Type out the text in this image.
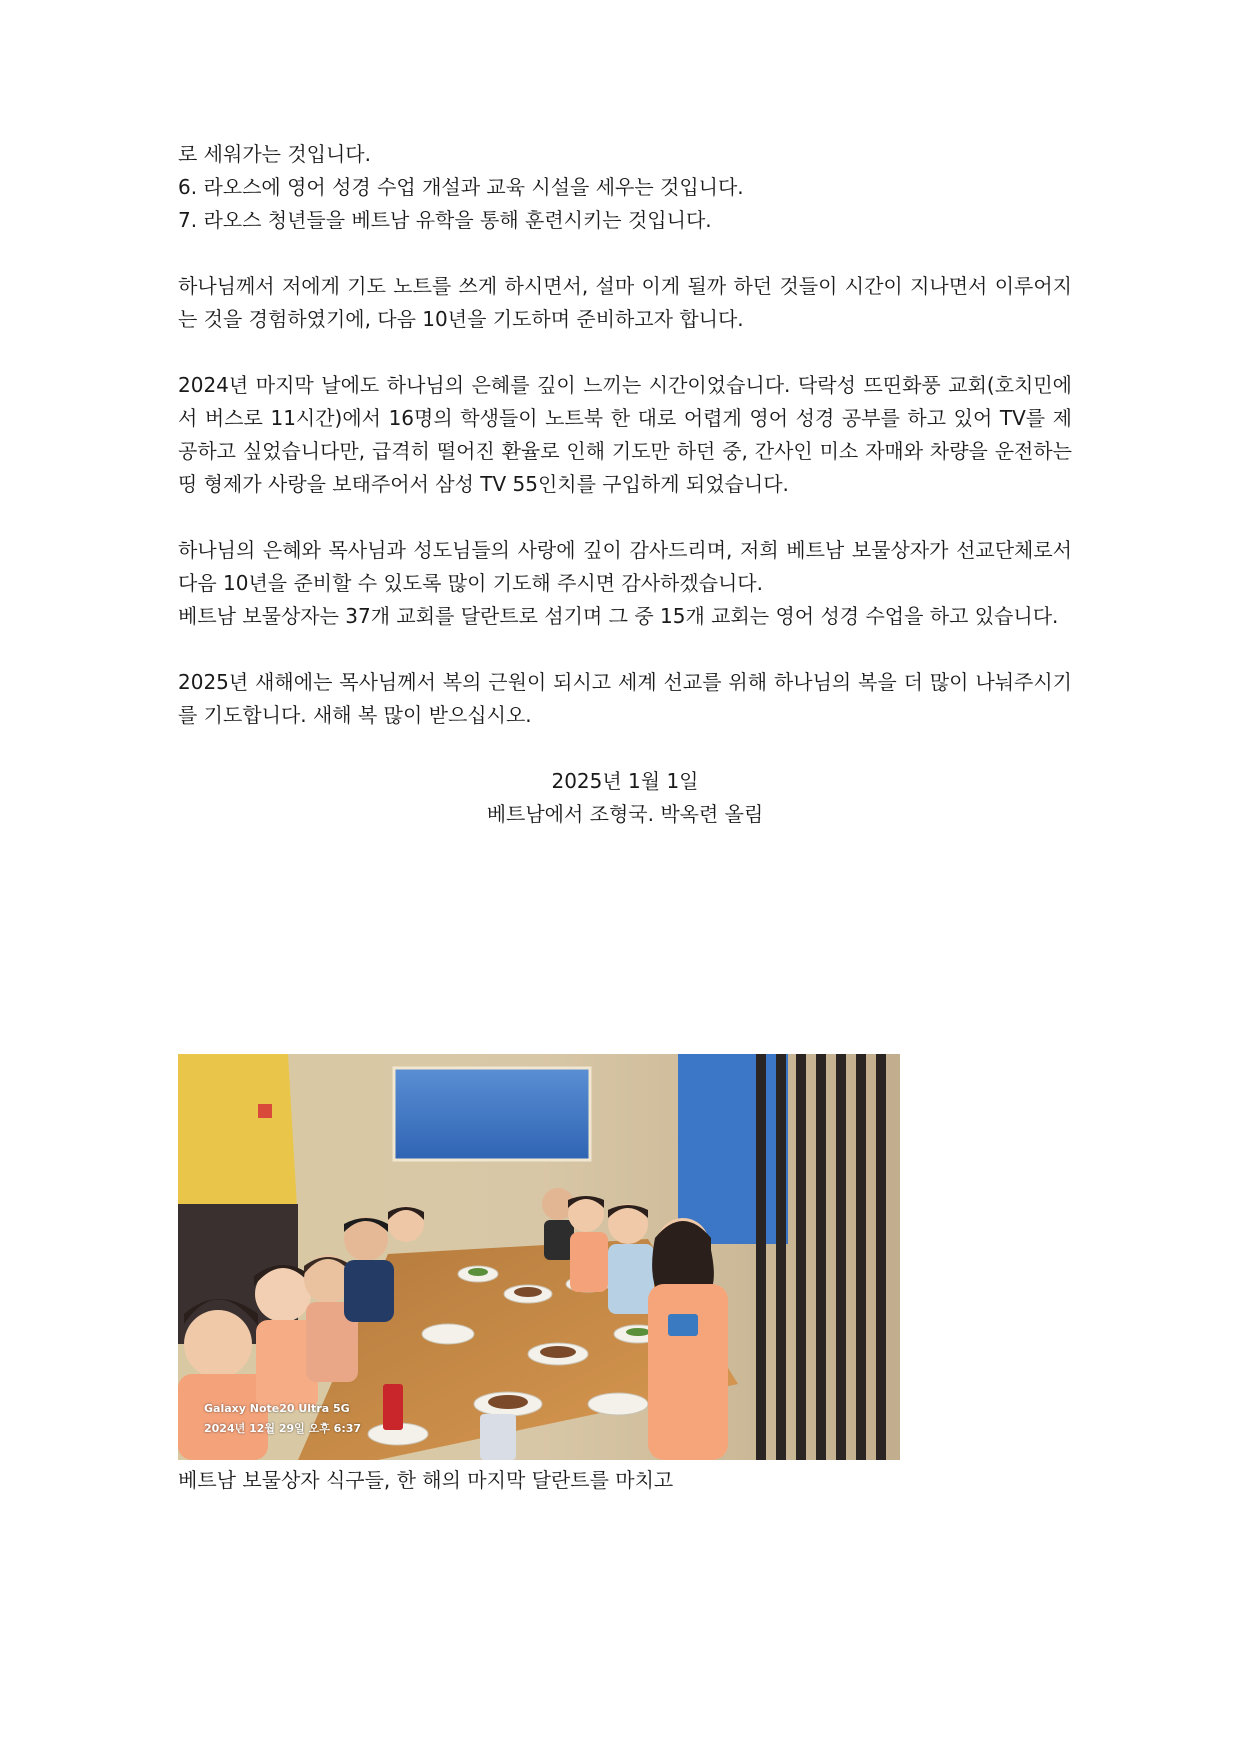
로 세워가는 것입니다.
6. 라오스에 영어 성경 수업 개설과 교육 시설을 세우는 것입니다.
7. 라오스 청년들을 베트남 유학을 통해 훈련시키는 것입니다.

하나님께서 저에게 기도 노트를 쓰게 하시면서, 설마 이게 될까 하던 것들이 시간이 지나면서 이루어지는 것을 경험하였기에, 다음 10년을 기도하며 준비하고자 합니다.

2024년 마지막 날에도 하나님의 은혜를 깊이 느끼는 시간이었습니다. 닥락성 뜨띤화풍 교회(호치민에서 버스로 11시간)에서 16명의 학생들이 노트북 한 대로 어렵게 영어 성경 공부를 하고 있어 TV를 제공하고 싶었습니다만, 급격히 떨어진 환율로 인해 기도만 하던 중, 간사인 미소 자매와 차량을 운전하는 띵 형제가 사랑을 보태주어서 삼성 TV 55인치를 구입하게 되었습니다.

하나님의 은혜와 목사님과 성도님들의 사랑에 깊이 감사드리며, 저희 베트남 보물상자가 선교단체로서 다음 10년을 준비할 수 있도록 많이 기도해 주시면 감사하겠습니다.

베트남 보물상자는 37개 교회를 달란트로 섬기며 그 중 15개 교회는 영어 성경 수업을 하고 있습니다.

2025년 새해에는 목사님께서 복의 근원이 되시고 세계 선교를 위해 하나님의 복을 더 많이 나눠주시기를 기도합니다. 새해 복 많이 받으십시오.

2025년 1월 1일
베트남에서 조형국. 박옥련 올림
Galaxy Note20 Ultra 5G
2024년 12월 29일 오후 6:37
베트남 보물상자 식구들, 한 해의 마지막 달란트를 마치고
